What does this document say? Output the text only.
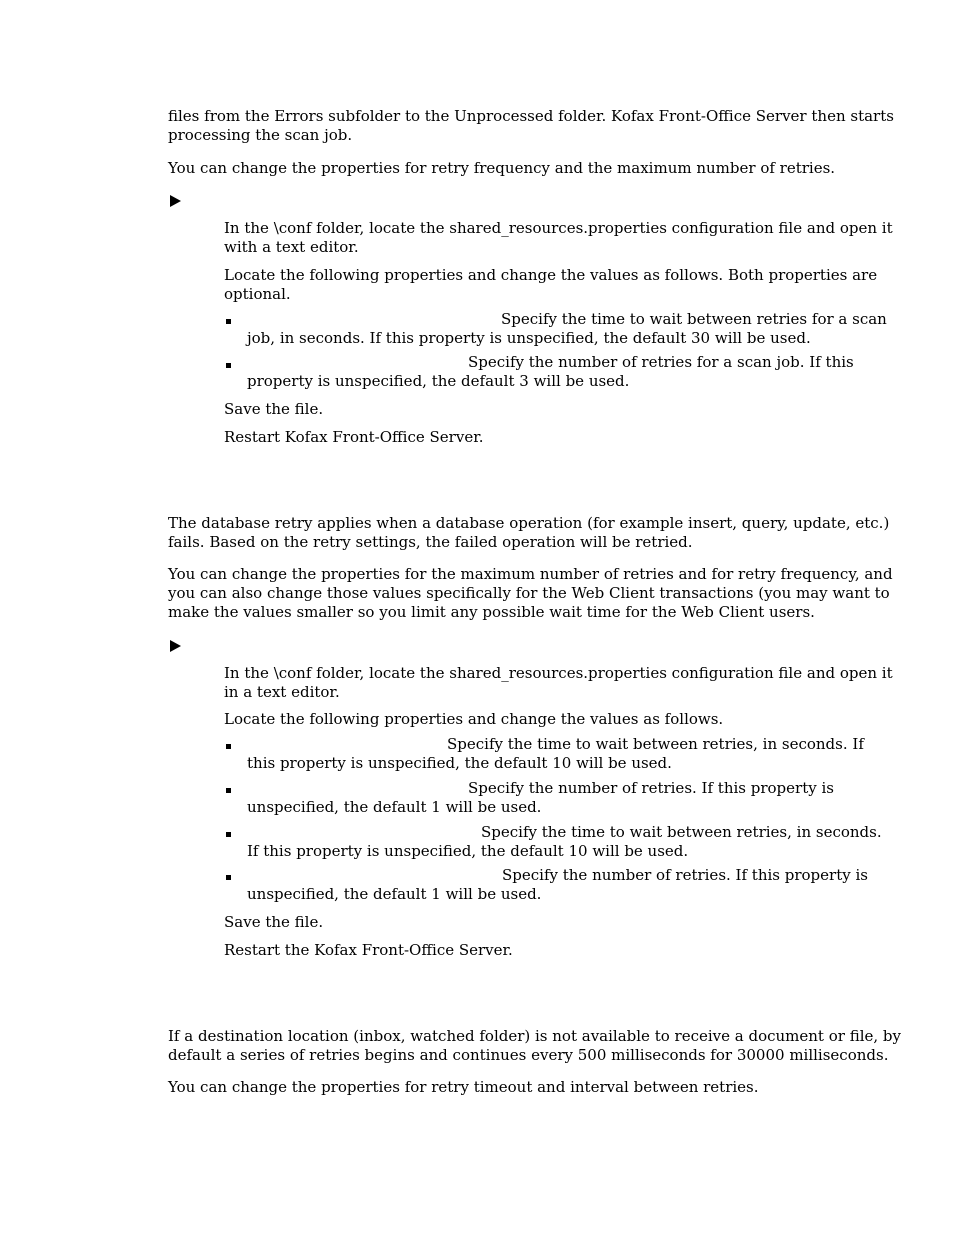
files from the Errors subfolder to the Unprocessed folder. Kofax Front-Office Server then starts
processing the scan job.
You can change the properties for retry frequency and the maximum number of retries.
In the \conf folder, locate the shared_resources.properties configuration file and open it
with a text editor.
Locate the following properties and change the values as follows. Both properties are
optional.
Specify the time to wait between retries for a scan
job, in seconds. If this property is unspecified, the default 30 will be used.
Specify the number of retries for a scan job. If this
property is unspecified, the default 3 will be used.
Save the file.
Restart Kofax Front-Office Server.
The database retry applies when a database operation (for example insert, query, update, etc.)
fails. Based on the retry settings, the failed operation will be retried.
You can change the properties for the maximum number of retries and for retry frequency, and
you can also change those values specifically for the Web Client transactions (you may want to
make the values smaller so you limit any possible wait time for the Web Client users.
In the \conf folder, locate the shared_resources.properties configuration file and open it
in a text editor.
Locate the following properties and change the values as follows.
Specify the time to wait between retries, in seconds. If
this property is unspecified, the default 10 will be used.
Specify the number of retries. If this property is
unspecified, the default 1 will be used.
Specify the time to wait between retries, in seconds.
If this property is unspecified, the default 10 will be used.
Specify the number of retries. If this property is
unspecified, the default 1 will be used.
Save the file.
Restart the Kofax Front-Office Server.
If a destination location (inbox, watched folder) is not available to receive a document or file, by
default a series of retries begins and continues every 500 milliseconds for 30000 milliseconds.
You can change the properties for retry timeout and interval between retries.
